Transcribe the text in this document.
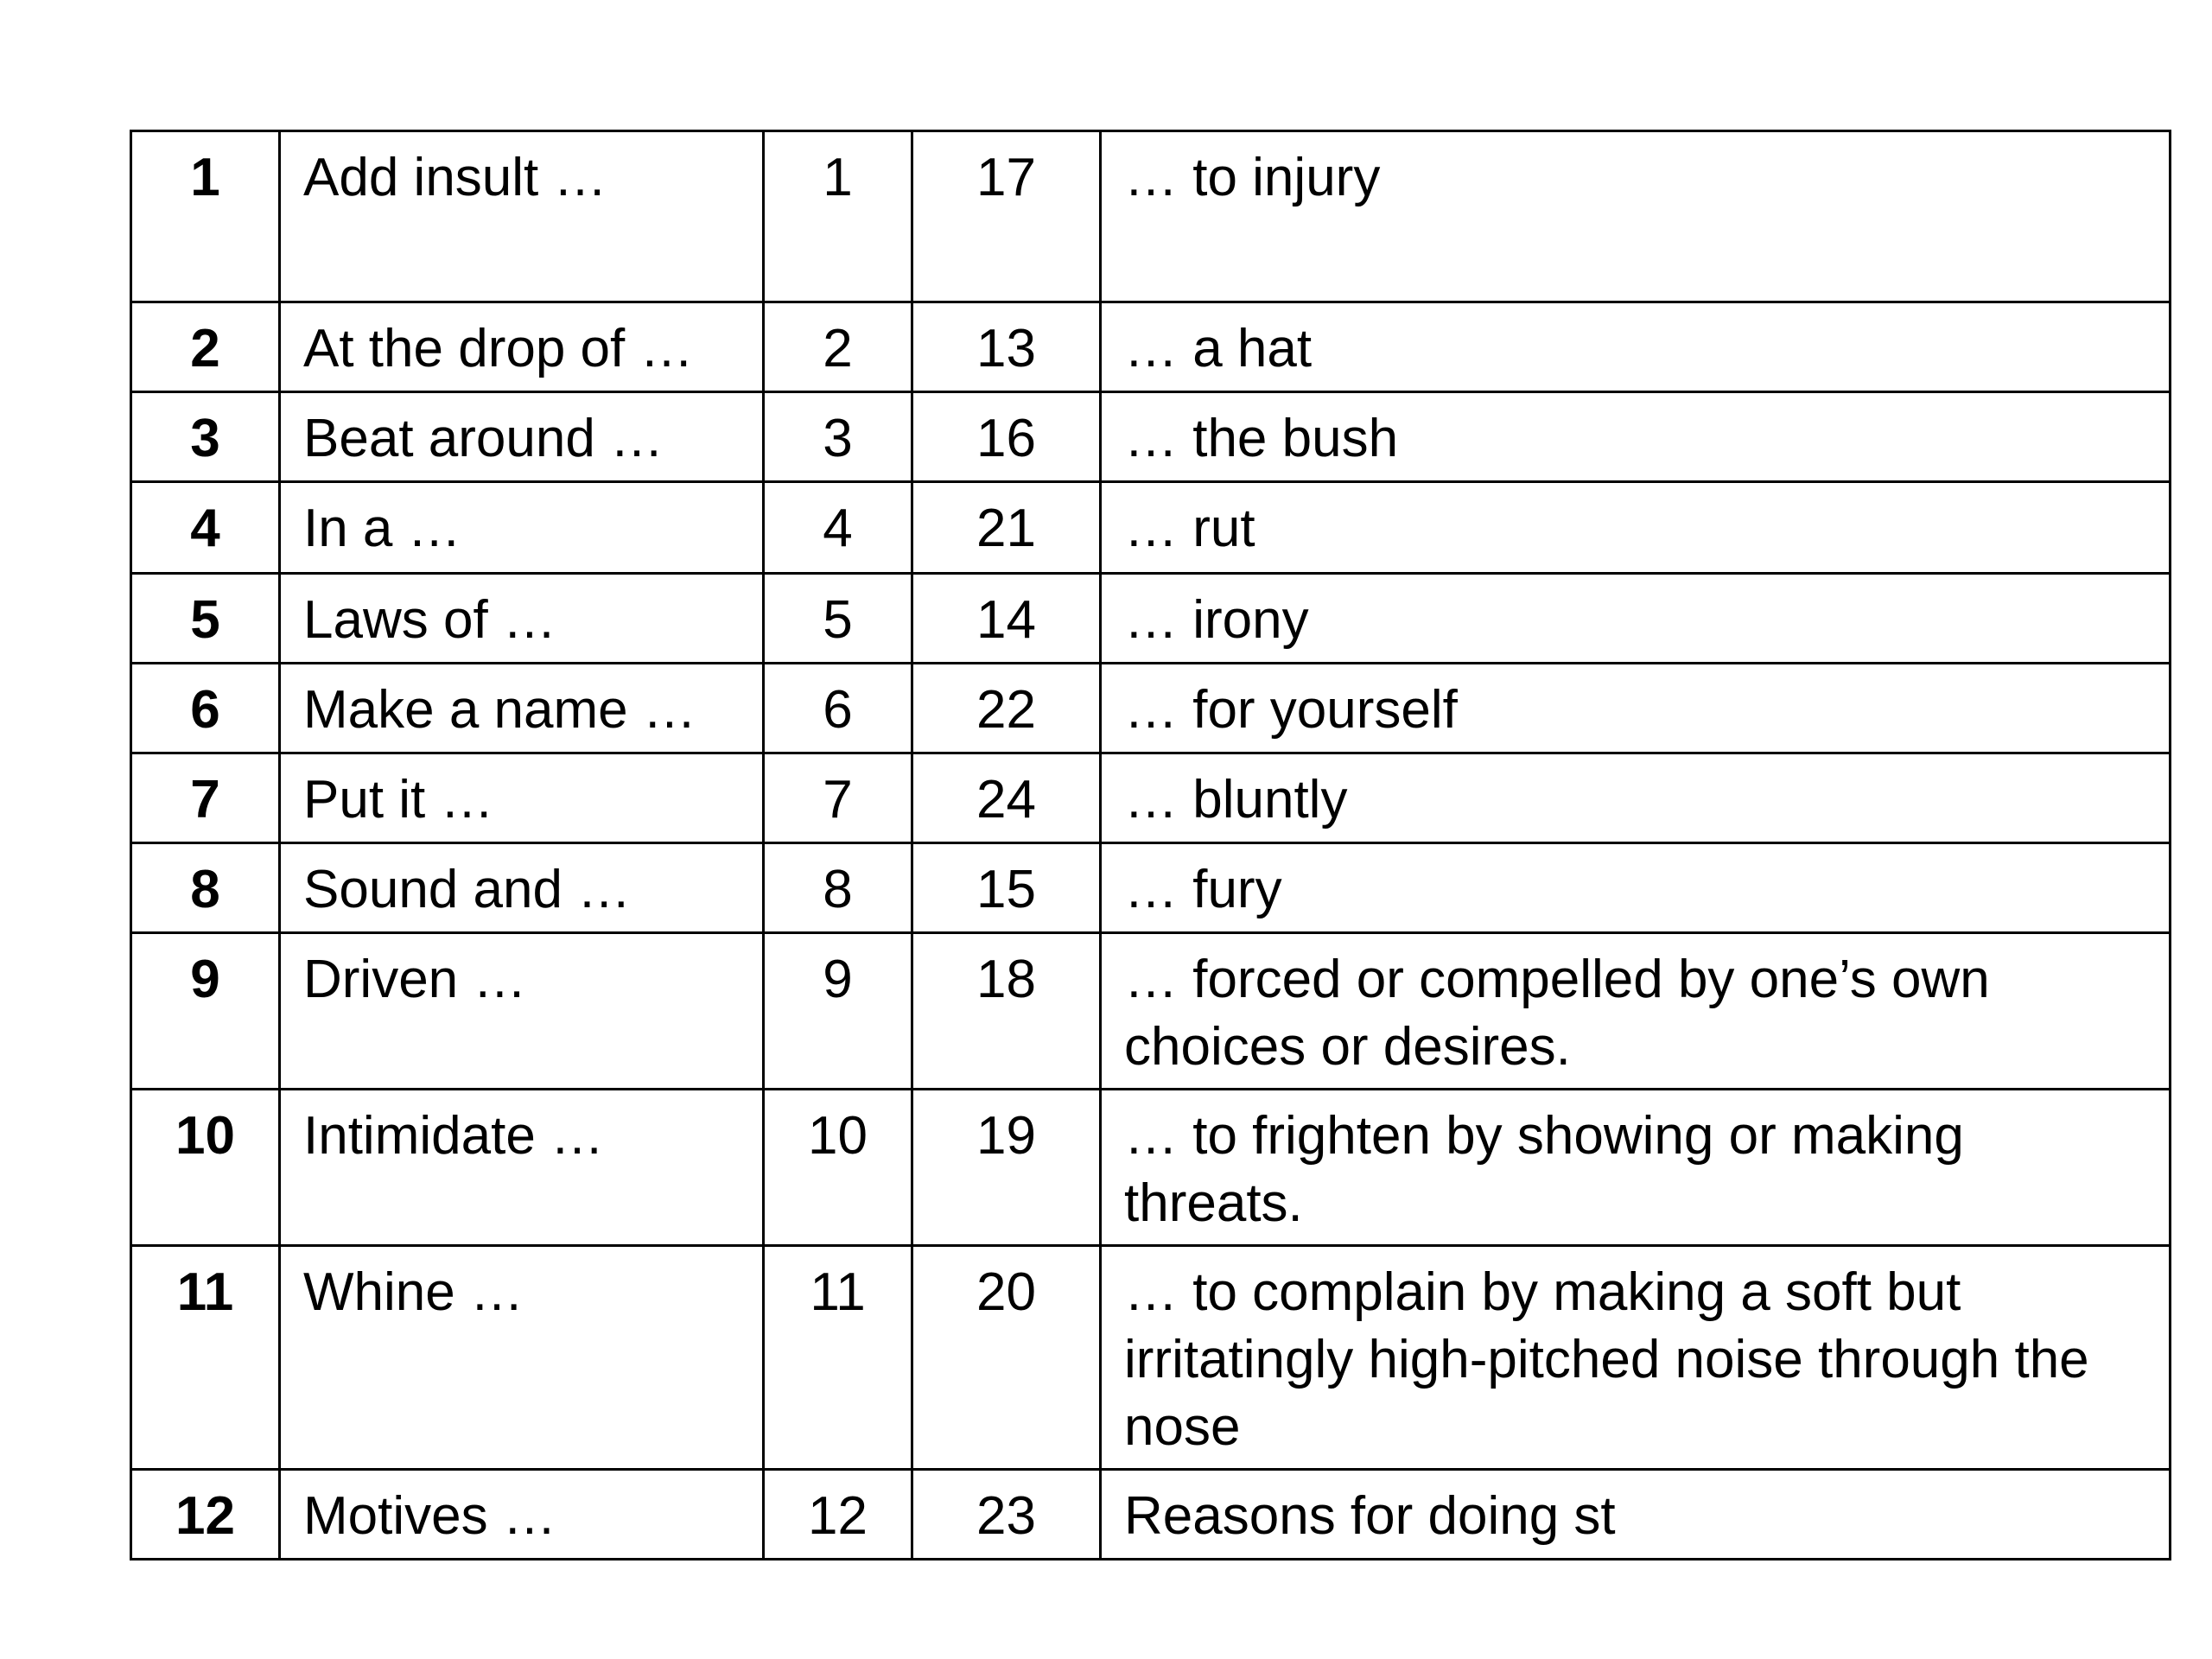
1	Add insult …	1	17	… to injury
2	At the drop of …	2	13	… a hat
3	Beat around …	3	16	… the bush
4	In a …	4	21	… rut
5	Laws of …	5	14	… irony
6	Make a name …	6	22	… for yourself
7	Put it …	7	24	… bluntly
8	Sound and …	8	15	… fury
9	Driven …	9	18	… forced or compelled by one’s own choices or desires.
10	Intimidate …	10	19	… to frighten by showing or making threats.
11	Whine …	11	20	… to complain by making a soft but irritatingly high-pitched noise through the nose
12	Motives …	12	23	Reasons for doing st
